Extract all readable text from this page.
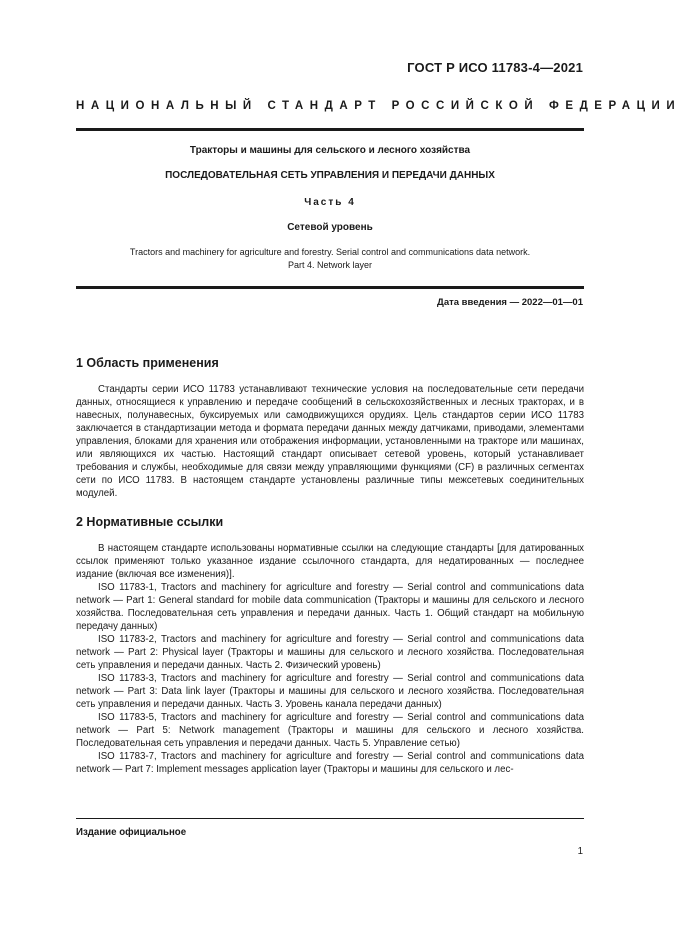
ГОСТ Р ИСО 11783-4—2021
НАЦИОНАЛЬНЫЙ СТАНДАРТ РОССИЙСКОЙ ФЕДЕРАЦИИ
Тракторы и машины для сельского и лесного хозяйства
ПОСЛЕДОВАТЕЛЬНАЯ СЕТЬ УПРАВЛЕНИЯ И ПЕРЕДАЧИ ДАННЫХ
Часть 4
Сетевой уровень
Tractors and machinery for agriculture and forestry. Serial control and communications data network.
Part 4. Network layer
Дата введения — 2022—01—01
1 Область применения

Стандарты серии ИСО 11783 устанавливают технические условия на последовательные сети передачи данных, относящиеся к управлению и передаче сообщений в сельскохозяйственных и лесных тракторах, и в навесных, полунавесных, буксируемых или самодвижущихся орудиях. Цель стандартов серии ИСО 11783 заключается в стандартизации метода и формата передачи данных между датчиками, приводами, элементами управления, блоками для хранения или отображения информации, установленными на тракторе или машинах, или являющихся их частью. Настоящий стандарт описывает сетевой уровень, который устанавливает требования и службы, необходимые для связи между управляющими функциями (CF) в различных сегментах сети по ИСО 11783. В настоящем стандарте установлены различные типы межсетевых соединительных модулей.

2 Нормативные ссылки

В настоящем стандарте использованы нормативные ссылки на следующие стандарты [для датированных ссылок применяют только указанное издание ссылочного стандарта, для недатированных — последнее издание (включая все изменения)].

ISO 11783-1, Tractors and machinery for agriculture and forestry — Serial control and communications data network — Part 1: General standard for mobile data communication (Тракторы и машины для сельского и лесного хозяйства. Последовательная сеть управления и передачи данных. Часть 1. Общий стандарт на мобильную передачу данных)

ISO 11783-2, Tractors and machinery for agriculture and forestry — Serial control and communications data network — Part 2: Physical layer (Тракторы и машины для сельского и лесного хозяйства. Последовательная сеть управления и передачи данных. Часть 2. Физический уровень)

ISO 11783-3, Tractors and machinery for agriculture and forestry — Serial control and communications data network — Part 3: Data link layer (Тракторы и машины для сельского и лесного хозяйства. Последовательная сеть управления и передачи данных. Часть 3. Уровень канала передачи данных)

ISO 11783-5, Tractors and machinery for agriculture and forestry — Serial control and communications data network — Part 5: Network management (Тракторы и машины для сельского и лесного хозяйства. Последовательная сеть управления и передачи данных. Часть 5. Управление сетью)

ISO 11783-7, Tractors and machinery for agriculture and forestry — Serial control and communications data network — Part 7: Implement messages application layer (Тракторы и машины для сельского и лес-

Издание официальное
1
